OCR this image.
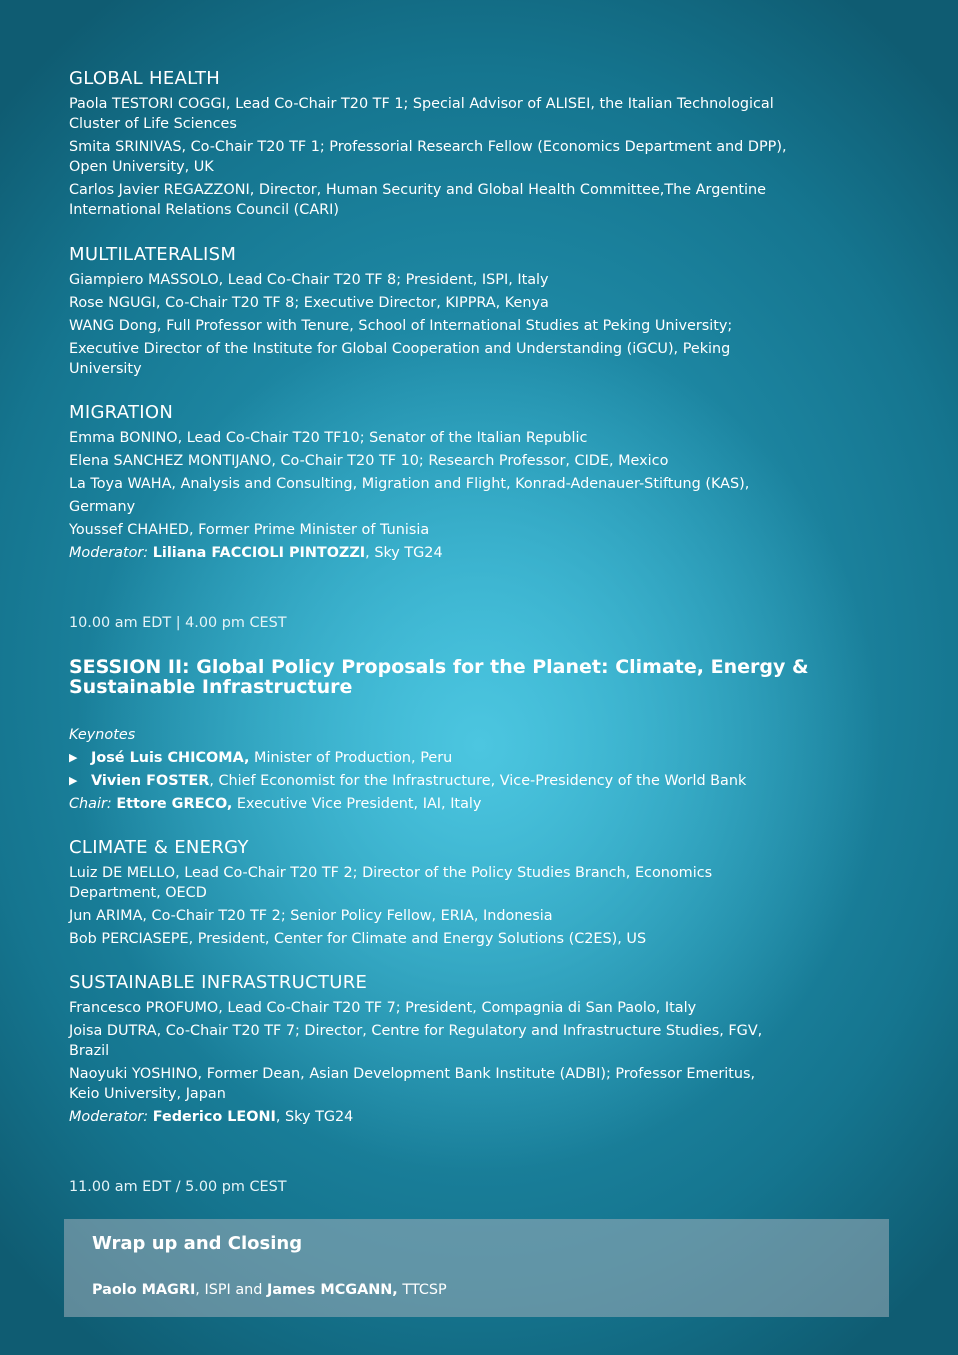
GLOBAL HEALTH
Paola TESTORI COGGI, Lead Co-Chair T20 TF 1; Special Advisor of ALISEI, the Italian Technological
Cluster of Life Sciences
Smita SRINIVAS, Co-Chair T20 TF 1; Professorial Research Fellow (Economics Department and DPP),
Open University, UK
Carlos Javier REGAZZONI, Director, Human Security and Global Health Committee,The Argentine
International Relations Council (CARI)
MULTILATERALISM
Giampiero MASSOLO, Lead Co-Chair T20 TF 8; President, ISPI, Italy
Rose NGUGI, Co-Chair T20 TF 8; Executive Director, KIPPRA, Kenya
WANG Dong, Full Professor with Tenure, School of International Studies at Peking University;
Executive Director of the Institute for Global Cooperation and Understanding (iGCU), Peking
University
MIGRATION
Emma BONINO, Lead Co-Chair T20 TF10; Senator of the Italian Republic
Elena SANCHEZ MONTIJANO, Co-Chair T20 TF 10; Research Professor, CIDE, Mexico
La Toya WAHA, Analysis and Consulting, Migration and Flight, Konrad-Adenauer-Stiftung (KAS),
Germany
Youssef CHAHED, Former Prime Minister of Tunisia
Moderator: Liliana FACCIOLI PINTOZZI, Sky TG24
10.00 am EDT | 4.00 pm CEST
SESSION II: Global Policy Proposals for the Planet: Climate, Energy &
Sustainable Infrastructure
Keynotes
▶ José Luis CHICOMA, Minister of Production, Peru
▶ Vivien FOSTER, Chief Economist for the Infrastructure, Vice-Presidency of the World Bank
Chair: Ettore GRECO, Executive Vice President, IAI, Italy
CLIMATE & ENERGY
Luiz DE MELLO, Lead Co-Chair T20 TF 2; Director of the Policy Studies Branch, Economics
Department, OECD
Jun ARIMA, Co-Chair T20 TF 2; Senior Policy Fellow, ERIA, Indonesia
Bob PERCIASEPE, President, Center for Climate and Energy Solutions (C2ES), US
SUSTAINABLE INFRASTRUCTURE
Francesco PROFUMO, Lead Co-Chair T20 TF 7; President, Compagnia di San Paolo, Italy
Joisa DUTRA, Co-Chair T20 TF 7; Director, Centre for Regulatory and Infrastructure Studies, FGV,
Brazil
Naoyuki YOSHINO, Former Dean, Asian Development Bank Institute (ADBI); Professor Emeritus,
Keio University, Japan
Moderator: Federico LEONI, Sky TG24
11.00 am EDT / 5.00 pm CEST
Wrap up and Closing
Paolo MAGRI, ISPI and James MCGANN, TTCSP
